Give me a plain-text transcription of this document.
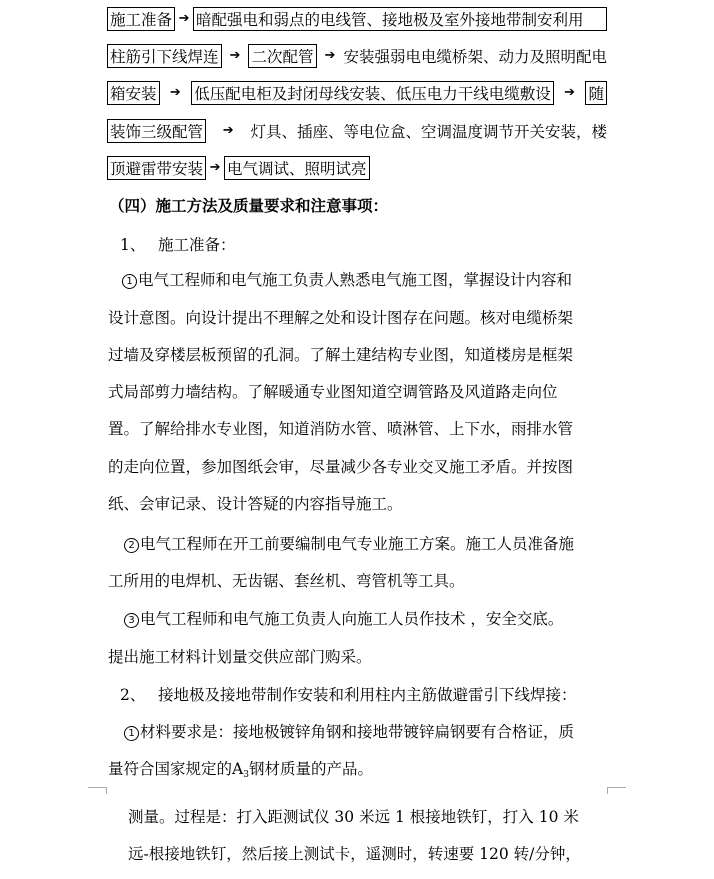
施工准备 ➔ 暗配强电和弱点的电线管、接地极及室外接地带制安利用
柱筋引下线焊连 ➔ 二次配管 ➔ 安装强弱电电缆桥架、动力及照明配电
箱安装 ➔ 低压配电柜及封闭母线安装、低压电力干线电缆敷设 ➔ 随
装饰三级配管 ➔ 灯具、插座、等电位盒、空调温度调节开关安装，楼
顶避雷带安装 ➔ 电气调试、照明试亮
（四）施工方法及质量要求和注意事项：
1、 施工准备：
1 电气工程师和电气施工负责人熟悉电气施工图，掌握设计内容和
设计意图。向设计提出不理解之处和设计图存在问题。核对电缆桥架
过墙及穿楼层板预留的孔洞。了解土建结构专业图，知道楼房是框架
式局部剪力墙结构。了解暖通专业图知道空调管路及风道路走向位
置。了解给排水专业图，知道消防水管、喷淋管、上下水，雨排水管
的走向位置，参加图纸会审，尽量减少各专业交叉施工矛盾。并按图
纸、会审记录、设计答疑的内容指导施工。
2 电气工程师在开工前要编制电气专业施工方案。施工人员准备施
工所用的电焊机、无齿锯、套丝机、弯管机等工具。
3 电气工程师和电气施工负责人向施工人员作技术 ，安全交底。
提出施工材料计划量交供应部门购采。
2、 接地极及接地带制作安装和利用柱内主筋做避雷引下线焊接：
1 材料要求是：接地极镀锌角钢和接地带镀锌扁钢要有合格证，质
量符合国家规定的$A_3$钢材质量的产品。
测量。过程是：打入距测试仪 30 米远 1 根接地铁钉，打入 10 米
远-根接地铁钉，然后接上测试卡，遥测时，转速要 120 转/分钟，
